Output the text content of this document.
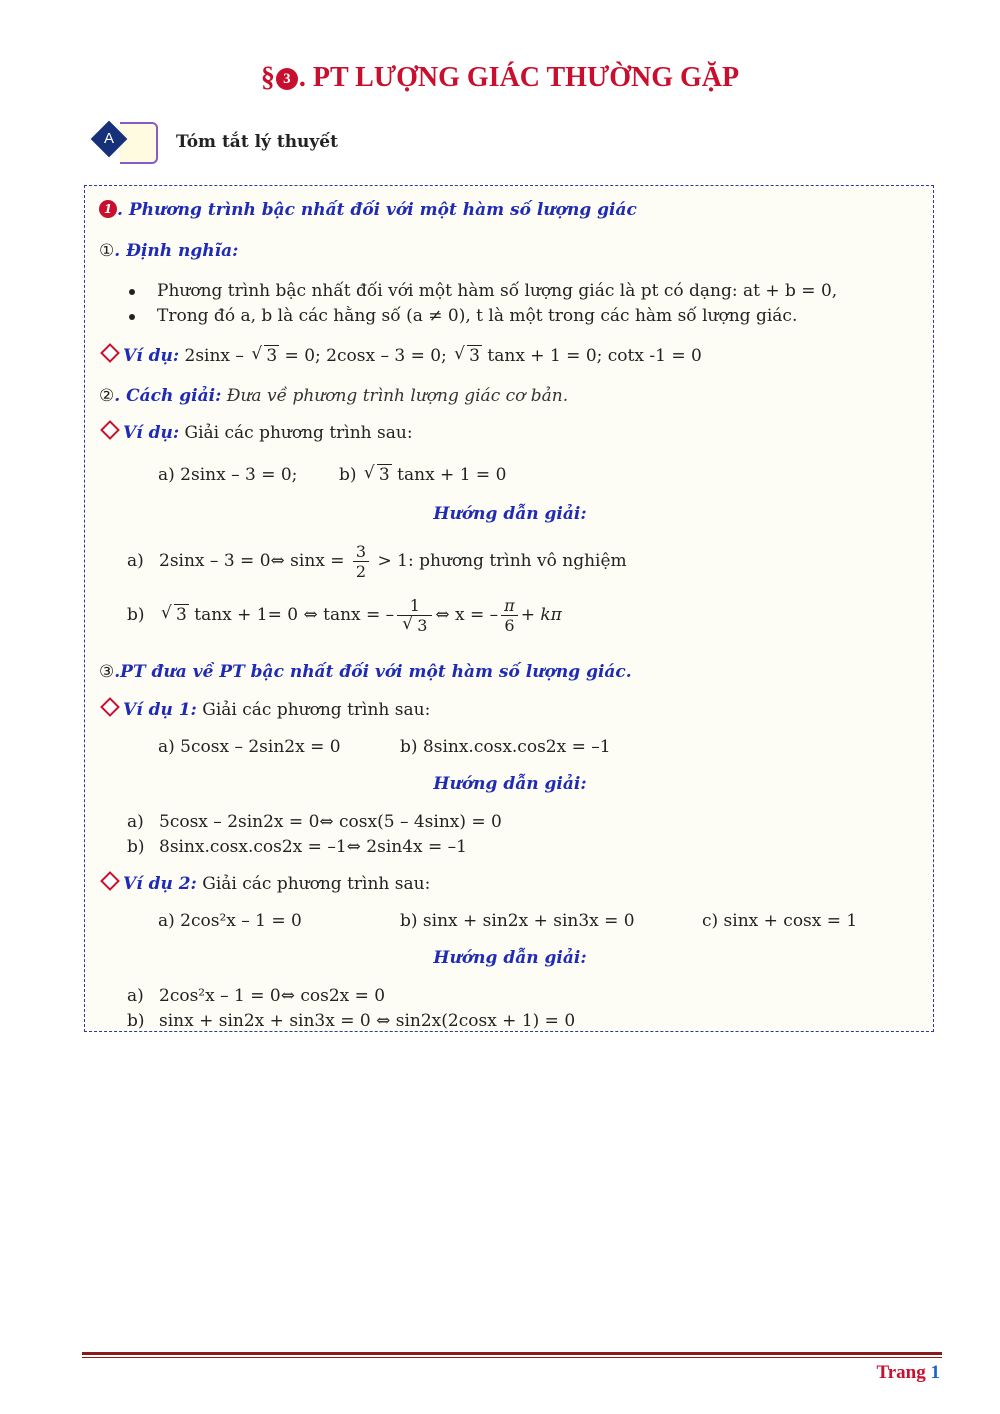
§ 3 . PT LƯỢNG GIÁC THƯỜNG GẶP
A	Tóm tắt lý thuyết
1 . Phương trình bậc nhất đối với một hàm số lượng giác
①. Định nghĩa:
Phương trình bậc nhất đối với một hàm số lượng giác là pt có dạng: at + b = 0,
Trong đó a, b là các hằng số (a ≠ 0), t là một trong các hàm số lượng giác.
Ví dụ: 2sinx – √ 3 = 0; 2cosx – 3 = 0; √ 3 tanx + 1 = 0; cotx -1 = 0
②. Cách giải: Đưa về phương trình lượng giác cơ bản.
Ví dụ: Giải các phương trình sau:
a) 2sinx – 3 = 0; b) √ 3 tanx + 1 = 0
Hướng dẫn giải:
a) 2sinx – 3 = 0⇔ $\sin x = \frac{3}{2} > 1$: phương trình vô nghiệm
b)√ 3 tanx + 1= 0 ⇔ tanx = – 1
√ 3 ⇔ x = – $\frac{\pi}{6} + k\pi$
③.PT đưa về PT bậc nhất đối với một hàm số lượng giác.
Ví dụ 1: Giải các phương trình sau:
a) 5cosx – 2sin2x = 0	b) 8sinx.cosx.cos2x = –1
Hướng dẫn giải:
a) 5cosx – 2sin2x = 0⇔ cosx(5 – 4sinx) = 0
b) 8sinx.cosx.cos2x = –1⇔ 2sin4x = –1
Ví dụ 2: Giải các phương trình sau:
a) 2cos²x – 1 = 0	b) sinx + sin2x + sin3x = 0	c) sinx + cosx = 1
Hướng dẫn giải:
a) 2cos²x – 1 = 0⇔ cos2x = 0
b) sinx + sin2x + sin3x = 0 ⇔ sin2x(2cosx + 1) = 0
Trang 1
